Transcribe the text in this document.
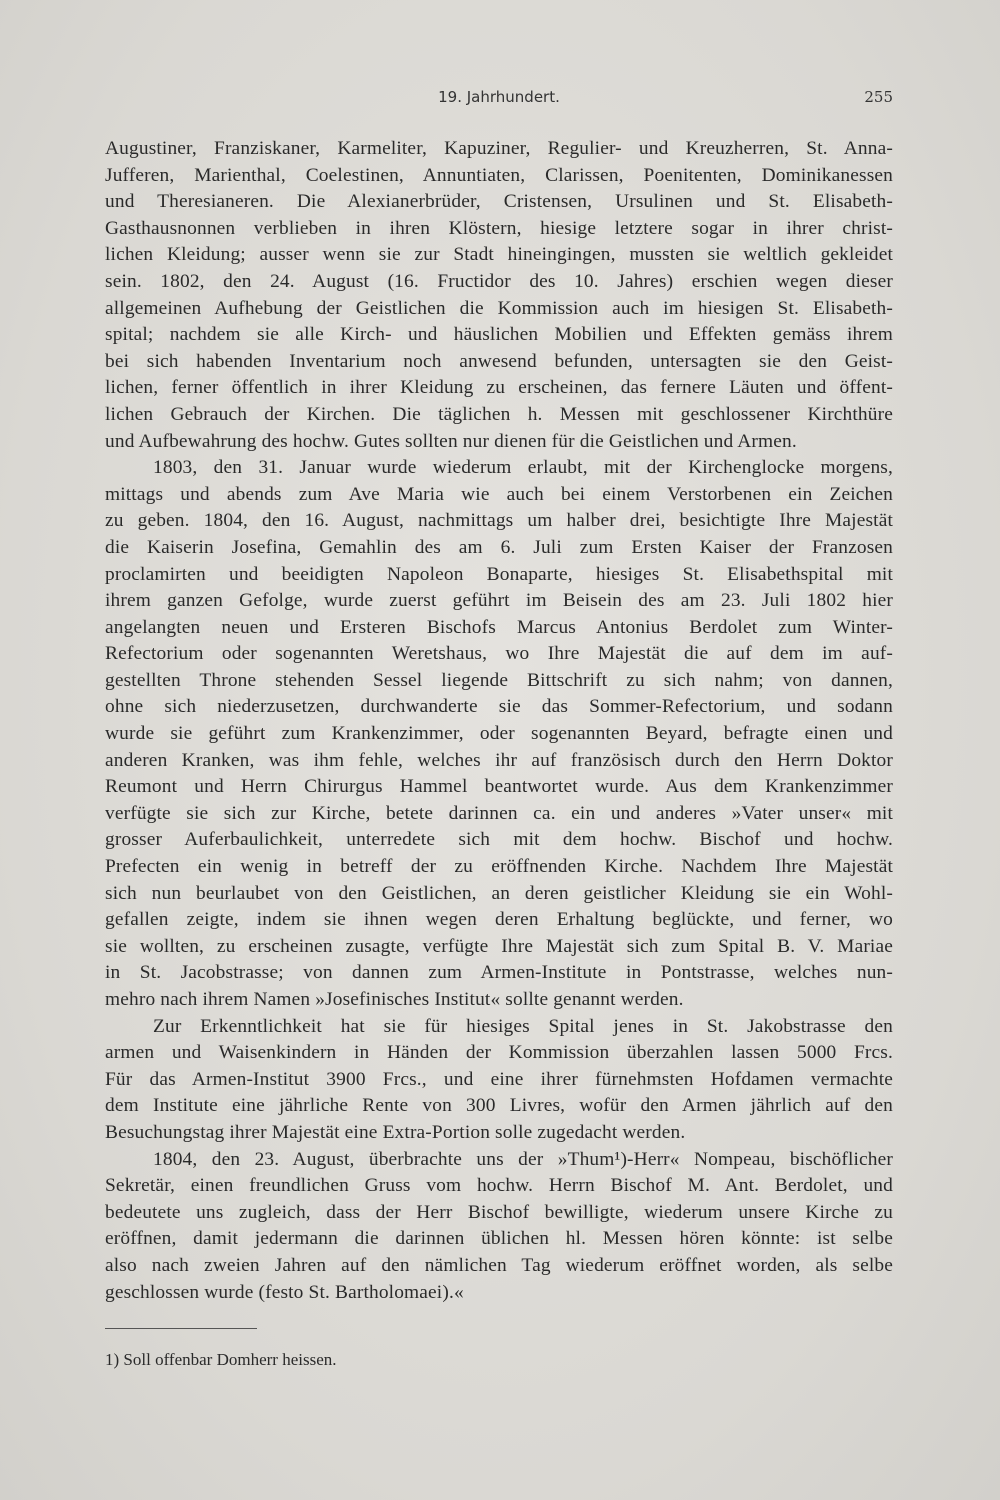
19. Jahrhundert.	255
Augustiner, Franziskaner, Karmeliter, Kapuziner, Regulier- und Kreuzherren, St. Anna-
Jufferen, Marienthal, Coelestinen, Annuntiaten, Clarissen, Poenitenten, Dominikanessen
und Theresianeren. Die Alexianerbrüder, Cristensen, Ursulinen und St. Elisabeth-
Gasthausnonnen verblieben in ihren Klöstern, hiesige letztere sogar in ihrer christ-
lichen Kleidung; ausser wenn sie zur Stadt hineingingen, mussten sie weltlich gekleidet
sein. 1802, den 24. August (16. Fructidor des 10. Jahres) erschien wegen dieser
allgemeinen Aufhebung der Geistlichen die Kommission auch im hiesigen St. Elisabeth-
spital; nachdem sie alle Kirch- und häuslichen Mobilien und Effekten gemäss ihrem
bei sich habenden Inventarium noch anwesend befunden, untersagten sie den Geist-
lichen, ferner öffentlich in ihrer Kleidung zu erscheinen, das fernere Läuten und öffent-
lichen Gebrauch der Kirchen. Die täglichen h. Messen mit geschlossener Kirchthüre
und Aufbewahrung des hochw. Gutes sollten nur dienen für die Geistlichen und Armen.
1803, den 31. Januar wurde wiederum erlaubt, mit der Kirchenglocke morgens,
mittags und abends zum Ave Maria wie auch bei einem Verstorbenen ein Zeichen
zu geben. 1804, den 16. August, nachmittags um halber drei, besichtigte Ihre Majestät
die Kaiserin Josefina, Gemahlin des am 6. Juli zum Ersten Kaiser der Franzosen
proclamirten und beeidigten Napoleon Bonaparte, hiesiges St. Elisabethspital mit
ihrem ganzen Gefolge, wurde zuerst geführt im Beisein des am 23. Juli 1802 hier
angelangten neuen und Ersteren Bischofs Marcus Antonius Berdolet zum Winter-
Refectorium oder sogenannten Weretshaus, wo Ihre Majestät die auf dem im auf-
gestellten Throne stehenden Sessel liegende Bittschrift zu sich nahm; von dannen,
ohne sich niederzusetzen, durchwanderte sie das Sommer-Refectorium, und sodann
wurde sie geführt zum Krankenzimmer, oder sogenannten Beyard, befragte einen und
anderen Kranken, was ihm fehle, welches ihr auf französisch durch den Herrn Doktor
Reumont und Herrn Chirurgus Hammel beantwortet wurde. Aus dem Krankenzimmer
verfügte sie sich zur Kirche, betete darinnen ca. ein und anderes »Vater unser« mit
grosser Auferbaulichkeit, unterredete sich mit dem hochw. Bischof und hochw.
Prefecten ein wenig in betreff der zu eröffnenden Kirche. Nachdem Ihre Majestät
sich nun beurlaubet von den Geistlichen, an deren geistlicher Kleidung sie ein Wohl-
gefallen zeigte, indem sie ihnen wegen deren Erhaltung beglückte, und ferner, wo
sie wollten, zu erscheinen zusagte, verfügte Ihre Majestät sich zum Spital B. V. Mariae
in St. Jacobstrasse; von dannen zum Armen-Institute in Pontstrasse, welches nun-
mehro nach ihrem Namen »Josefinisches Institut« sollte genannt werden.
Zur Erkenntlichkeit hat sie für hiesiges Spital jenes in St. Jakobstrasse den
armen und Waisenkindern in Händen der Kommission überzahlen lassen 5000 Frcs.
Für das Armen-Institut 3900 Frcs., und eine ihrer fürnehmsten Hofdamen vermachte
dem Institute eine jährliche Rente von 300 Livres, wofür den Armen jährlich auf den
Besuchungstag ihrer Majestät eine Extra-Portion solle zugedacht werden.
1804, den 23. August, überbrachte uns der »Thum¹)-Herr« Nompeau, bischöflicher
Sekretär, einen freundlichen Gruss vom hochw. Herrn Bischof M. Ant. Berdolet, und
bedeutete uns zugleich, dass der Herr Bischof bewilligte, wiederum unsere Kirche zu
eröffnen, damit jedermann die darinnen üblichen hl. Messen hören könnte: ist selbe
also nach zweien Jahren auf den nämlichen Tag wiederum eröffnet worden, als selbe
geschlossen wurde (festo St. Bartholomaei).«
1) Soll offenbar Domherr heissen.
